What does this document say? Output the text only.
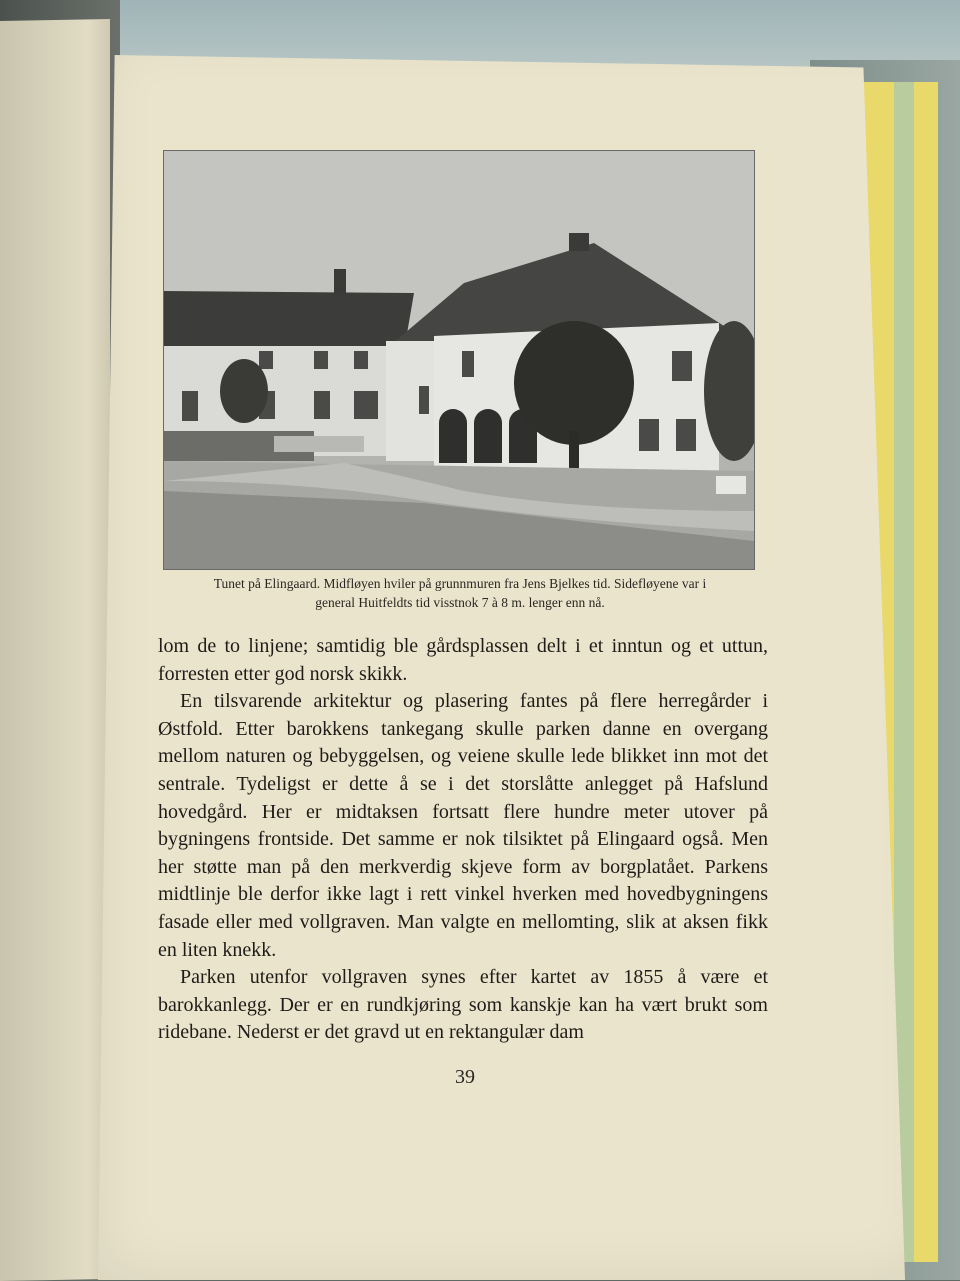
Tunet på Elingaard. Midfløyen hviler på grunnmuren fra Jens Bjelkes tid. Sidefløyene var i
general Huitfeldts tid visstnok 7 à 8 m. lenger enn nå.

lom de to linjene; samtidig ble gårdsplassen delt i et inntun og et uttun, forresten etter god norsk skikk.

En tilsvarende arkitektur og plasering fantes på flere herregårder i Østfold. Etter barokkens tankegang skulle parken danne en overgang mellom naturen og bebyggelsen, og veiene skulle lede blikket inn mot det sentrale. Tydeligst er dette å se i det storslåtte anlegget på Hafslund hovedgård. Her er midtaksen fortsatt flere hundre meter utover på bygningens frontside. Det samme er nok tilsiktet på Elingaard også. Men her støtte man på den merkverdig skjeve form av borgplatået. Parkens midtlinje ble derfor ikke lagt i rett vinkel hverken med hovedbygningens fasade eller med vollgraven. Man valgte en mellomting, slik at aksen fikk en liten knekk.

Parken utenfor vollgraven synes efter kartet av 1855 å være et barokkanlegg. Der er en rundkjøring som kanskje kan ha vært brukt som ridebane. Nederst er det gravd ut en rektangulær dam

39
